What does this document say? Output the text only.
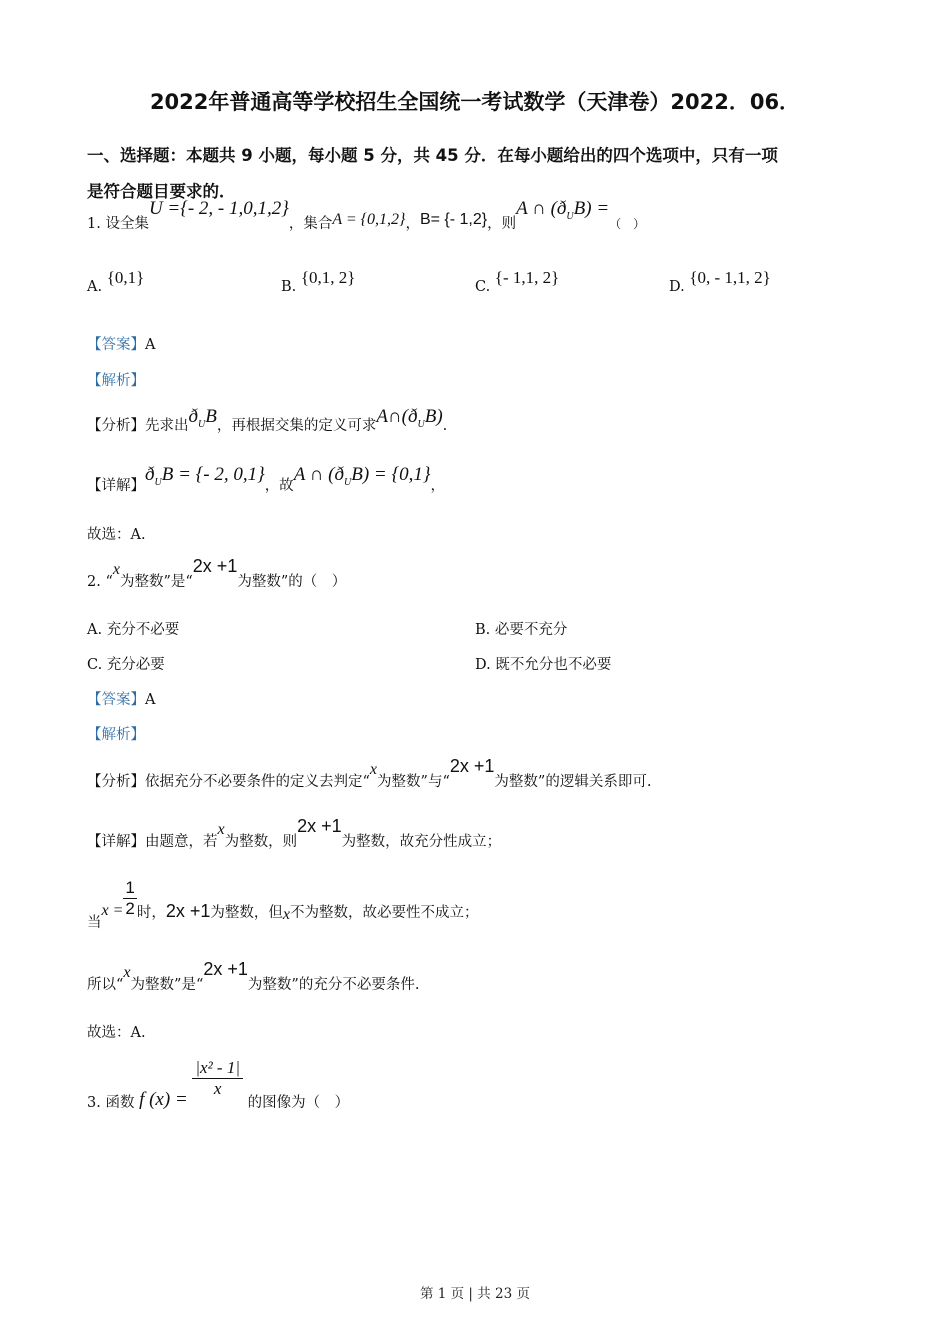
2022年普通高等学校招生全国统一考试数学（天津卷）2022．06．
一、选择题：本题共 9 小题，每小题 5 分，共 45 分．在每小题给出的四个选项中，只有一项
是符合题目要求的．
1. 设全集U ={- 2, - 1,0,1,2}，集合A = {0,1,2}，B= {- 1,2}，则A ∩ $(ð_UB)$ =（　）
A. {0,1}	B. {0,1, 2}	C. {- 1,1, 2}	D. {0, - 1,1, 2}
【答案】A
【解析】
【分析】先求出$ð_UB$，再根据交集的定义可求$A\cap(ð_UB)$.
【详解】$ð_UB$ = {- 2, 0,1}，故A ∩ $(ð_UB) = \{0,1\}$，
故选：A.
2. “x为整数”是“2x +1为整数”的（　）
A. 充分不必要	B. 必要不充分
C. 充分必要	D. 既不允分也不必要
【答案】A
【解析】
【分析】依据充分不必要条件的定义去判定“x为整数”与“2x +1为整数”的逻辑关系即可.
【详解】由题意，若x为整数，则2x +1为整数，故充分性成立；
当$x = \frac{1}{2}$ 时，2x +1为整数，但x不为整数，故必要性不成立；
所以“x为整数”是“2x +1为整数”的充分不必要条件.
故选：A.
3. 函数 f $(x) = \frac{\text{|x² - 1|}}{x}$
的图像为（　）
第 1 页 | 共 23 页
